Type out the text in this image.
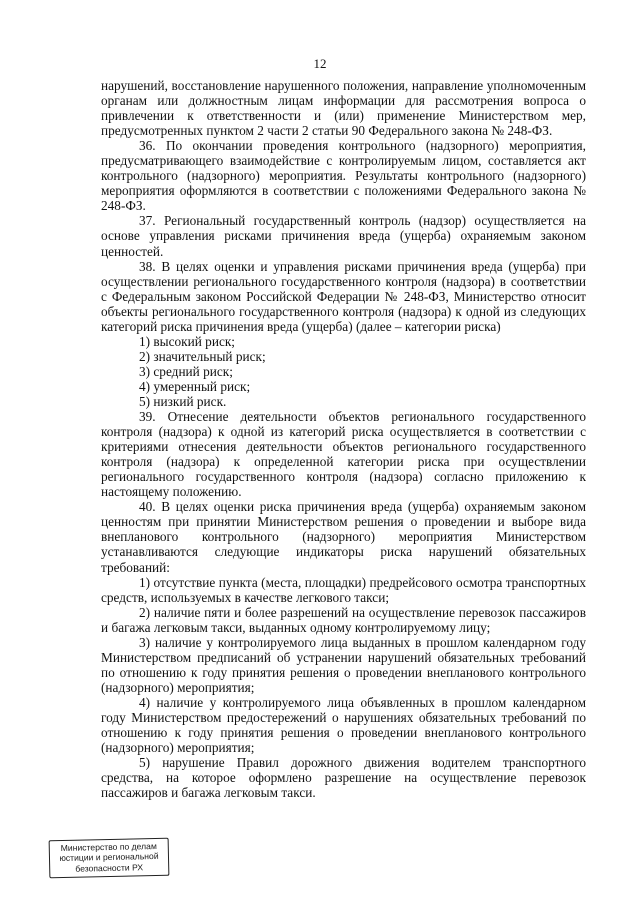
12

нарушений, восстановление нарушенного положения, направление уполномоченным органам или должностным лицам информации для рассмотрения вопроса о привлечении к ответственности и (или) применение Министерством мер, предусмотренных пунктом 2 части 2 статьи 90 Федерального закона № 248-ФЗ.

36. По окончании проведения контрольного (надзорного) мероприятия, предусматривающего взаимодействие с контролируемым лицом, составляется акт контрольного (надзорного) мероприятия. Результаты контрольного (надзорного) мероприятия оформляются в соответствии с положениями Федерального закона № 248-ФЗ.

37. Региональный государственный контроль (надзор) осуществляется на основе управления рисками причинения вреда (ущерба) охраняемым законом ценностей.

38. В целях оценки и управления рисками причинения вреда (ущерба) при осуществлении регионального государственного контроля (надзора) в соответствии с Федеральным законом Российской Федерации № 248-ФЗ, Министерство относит объекты регионального государственного контроля (надзора) к одной из следующих категорий риска причинения вреда (ущерба) (далее – категории риска)

1) высокий риск;

2) значительный риск;

3) средний риск;

4) умеренный риск;

5) низкий риск.

39. Отнесение деятельности объектов регионального государственного контроля (надзора) к одной из категорий риска осуществляется в соответствии с критериями отнесения деятельности объектов регионального государственного контроля (надзора) к определенной категории риска при осуществлении регионального государственного контроля (надзора) согласно приложению к настоящему положению.

40. В целях оценки риска причинения вреда (ущерба) охраняемым законом ценностям при принятии Министерством решения о проведении и выборе вида внепланового контрольного (надзорного) мероприятия Министерством устанавливаются следующие индикаторы риска нарушений обязательных требований:

1) отсутствие пункта (места, площадки) предрейсового осмотра транспортных средств, используемых в качестве легкового такси;

2) наличие пяти и более разрешений на осуществление перевозок пассажиров и багажа легковым такси, выданных одному контролируемому лицу;

3) наличие у контролируемого лица выданных в прошлом календарном году Министерством предписаний об устранении нарушений обязательных требований по отношению к году принятия решения о проведении внепланового контрольного (надзорного) мероприятия;

4) наличие у контролируемого лица объявленных в прошлом календарном году Министерством предостережений о нарушениях обязательных требований по отношению к году принятия решения о проведении внепланового контрольного (надзорного) мероприятия;

5) нарушение Правил дорожного движения водителем транспортного средства, на которое оформлено разрешение на осуществление перевозок пассажиров и багажа легковым такси.

Министерство по делам
юстиции и региональной
безопасности РХ
